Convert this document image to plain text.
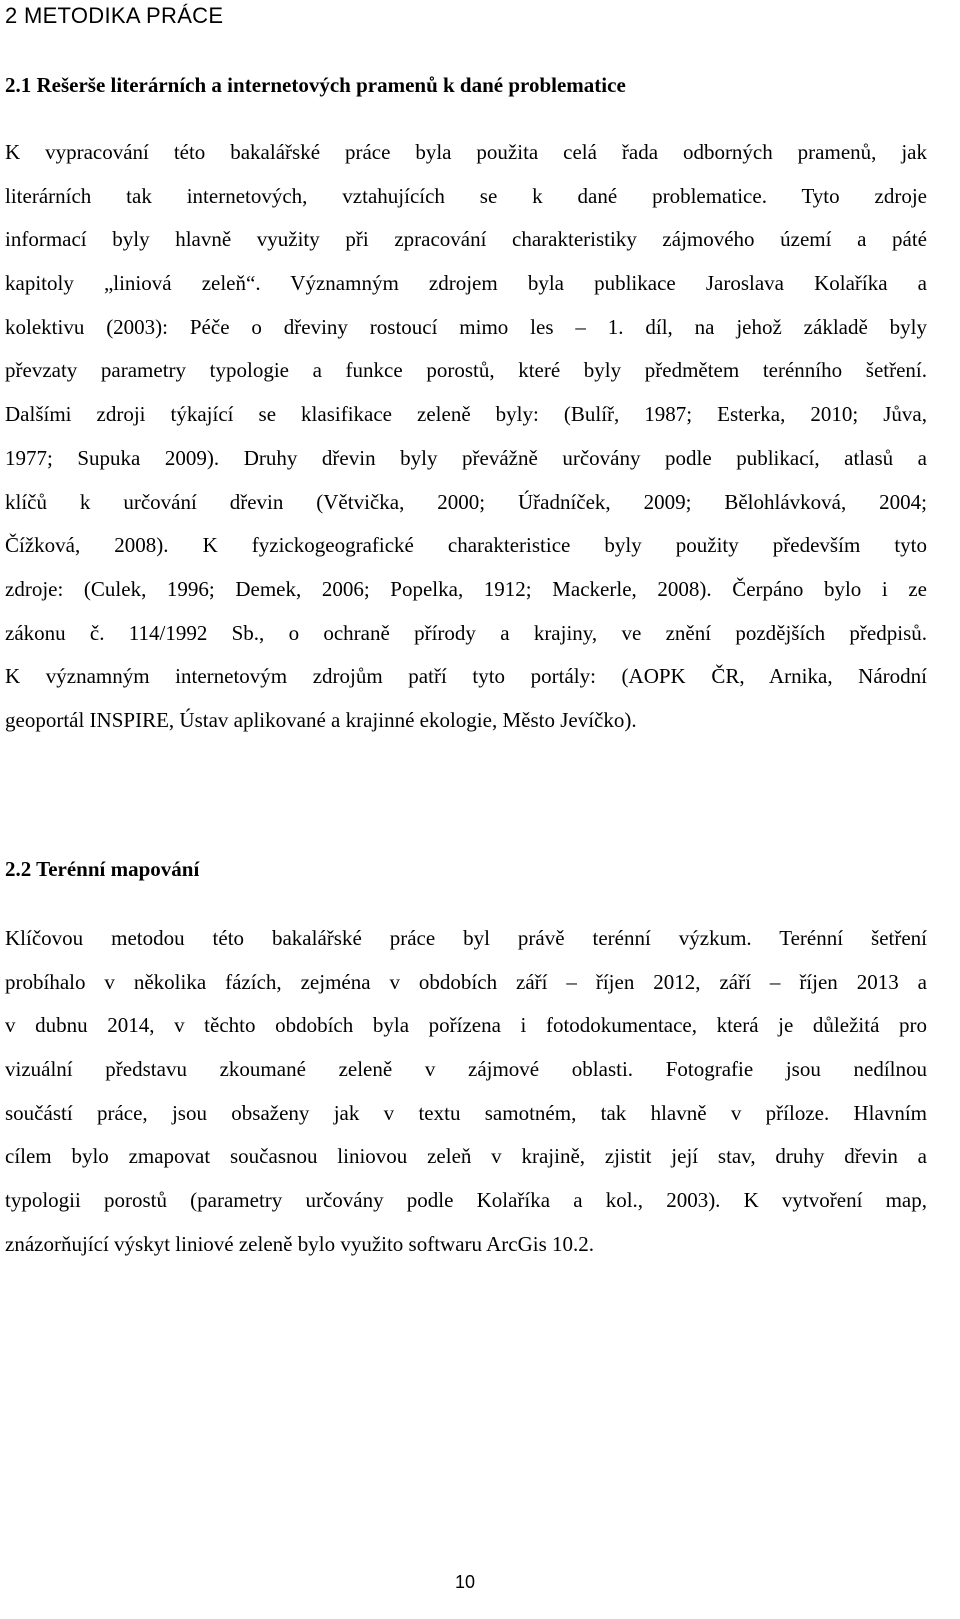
2 METODIKA PRÁCE
2.1 Rešerše literárních a internetových pramenů k dané problematice
K vypracování této bakalářské práce byla použita celá řada odborných pramenů, jak
literárních tak internetových, vztahujících se k dané problematice. Tyto zdroje
informací byly hlavně využity při zpracování charakteristiky zájmového území a páté
kapitoly „liniová zeleň“. Významným zdrojem byla publikace Jaroslava Kolaříka a
kolektivu (2003): Péče o dřeviny rostoucí mimo les – 1. díl, na jehož základě byly
převzaty parametry typologie a funkce porostů, které byly předmětem terénního šetření.
Dalšími zdroji týkající se klasifikace zeleně byly: (Bulíř, 1987; Esterka, 2010; Jůva,
1977; Supuka 2009). Druhy dřevin byly převážně určovány podle publikací, atlasů a
klíčů k určování dřevin (Větvička, 2000; Úřadníček, 2009; Bělohlávková, 2004;
Čížková, 2008). K fyzickogeografické charakteristice byly použity především tyto
zdroje: (Culek, 1996; Demek, 2006; Popelka, 1912; Mackerle, 2008). Čerpáno bylo i ze
zákonu č. 114/1992 Sb., o ochraně přírody a krajiny, ve znění pozdějších předpisů.
K významným internetovým zdrojům patří tyto portály: (AOPK ČR, Arnika, Národní
geoportál INSPIRE, Ústav aplikované a krajinné ekologie, Město Jevíčko).
2.2 Terénní mapování
Klíčovou metodou této bakalářské práce byl právě terénní výzkum. Terénní šetření
probíhalo v několika fázích, zejména v obdobích září – říjen 2012, září – říjen 2013 a
v dubnu 2014, v těchto obdobích byla pořízena i fotodokumentace, která je důležitá pro
vizuální představu zkoumané zeleně v zájmové oblasti. Fotografie jsou nedílnou
součástí práce, jsou obsaženy jak v textu samotném, tak hlavně v příloze. Hlavním
cílem bylo zmapovat současnou liniovou zeleň v krajině, zjistit její stav, druhy dřevin a
typologii porostů (parametry určovány podle Kolaříka a kol., 2003). K vytvoření map,
znázorňující výskyt liniové zeleně bylo využito softwaru ArcGis 10.2.

10
